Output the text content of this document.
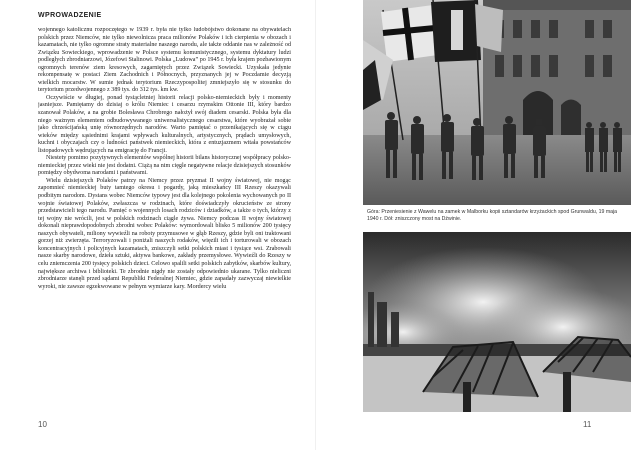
WPROWADZENIE

wojennego katolicznu rozpoczętego w 1939 r. była nie tylko ludobójstwo dokonane na obywatelach polskich przez Niemców, nie tylko niewolnicza praca milionów Polaków i ich cierpienia w obozach i kazamatach, nie tylko ogromne straty materialne naszego narodu, ale także oddanie nas w zależność od Związku Sowieckiego, wprowadzenie w Polsce systemu komunistycznego, systemu dyktatury ludzi podległych zbrodniarzowi, Józefowi Stalinowi. Polska „Ludowa” po 1945 r. była krajem pozbawionym ogromnych terenów ziem kresowych, zagarniętych przez Związek Sowiecki. Uzyskała jedynie rekompensatę w postaci Ziem Zachodnich i Północnych, przyznanych jej w Poczdamie decyzją wielkich mocarstw. W sumie jednak terytorium Rzeczypospolitej zmniejszyło się w stosunku do terytorium przedwojennego z 389 tys. do 312 tys. km kw.

Oczywiście w długiej, ponad tysiącletniej historii relacji polsko-niemieckich były i momenty jasniejsze. Pamiętamy do dzisiaj o królu Niemiec i cesarzu rzymskim Ottonie III, który bardzo szanował Polaków, a na grobie Bolesława Chrobrego nałożył swój diadem cesarski. Polska była dla niego ważnym elementem odbudowywanego uniwersalistycznego cesarstwa, które wyobrażał sobie jako chrześcijańską unię równorzędnych narodów. Warto pamiętać o przenikających się w ciągu wieków między sąsiednimi krajami wpływach kulturalnych, artystycznych, prądach umysłowych, kuchni i obyczajach czy o ludności państwek niemieckich, która z entuzjazmem witała powstańców listopadowych wędrujących na emigrację do Francji.

Niestety pomimo pozytywnych elementów wspólnej historii bilans historycznej współpracy polsko-niemieckiej przez wieki nie jest dodatni. Ciążą na nim cięgle negatywne relacje dzisiejszych stosunków pomiędzy obydwoma narodami i państwami.

Wielu dzisiejszych Polaków patrzy na Niemcy przez pryzmat II wojny światowej, nie mogąc zapomnieć niemieckiej buty tamtego okresu i pogardy, jaką mieszkańcy III Rzeszy okazywali podbitym narodom. Dystans wobec Niemców typowy jest dla kolejnego pokolenia wychowanych po II wojnie światowej Polaków, zwłaszcza w rodzinach, które doświadczyły okrucieństw ze strony przedstawicieli tego narodu. Pamięć o wojennych losach rodziców i dziadków, a także o tych, którzy z tej wojny nie wrócili, jest w polskich rodzinach ciągle żywa. Niemcy podczas II wojny światowej dokonali nieprawdopodobnych zbrodni wobec Polaków: wymordowali blisko 5 milionów 200 tysięcy naszych obywateli, miliony wywieźli na roboty przymusowe w głąb Rzeszy, gdzie byli oni traktowani gorzej niż zwierzęta. Terroryzowali i poniżali naszych rodaków, więzili ich i torturowali w obozach koncentracyjnych i policyjnych kazamatach, zniszczyli setki polskich miast i tysiące wsi. Zrabowali nasze skarby narodowe, dzieła sztuki, aktywa bankowe, zakłady przemysłowe. Wywieźli do Rzeszy w celu zniemczenia 200 tysięcy polskich dzieci. Celowo spalili setki polskich zabytków, skarbów kultury, największe archiwa i biblioteki. Te zbrodnie nigdy nie zostały odpowiednio ukarane. Tylko nieliczni zbrodniarze stanęli przed sądami Republiki Federalnej Niemiec, gdzie zapadały zazwyczaj niewielkie wyroki, nie zawsze egzekwowane w pełnym wymiarze kary. Mordercy wielu

10
Góra: Przeniesienie z Wawelu na zamek w Malborku kopii sztandarów krzyżackich spod Grunwaldu, 19 maja 1940 r. Dół: zniszczony most na Dźwinie.
11
